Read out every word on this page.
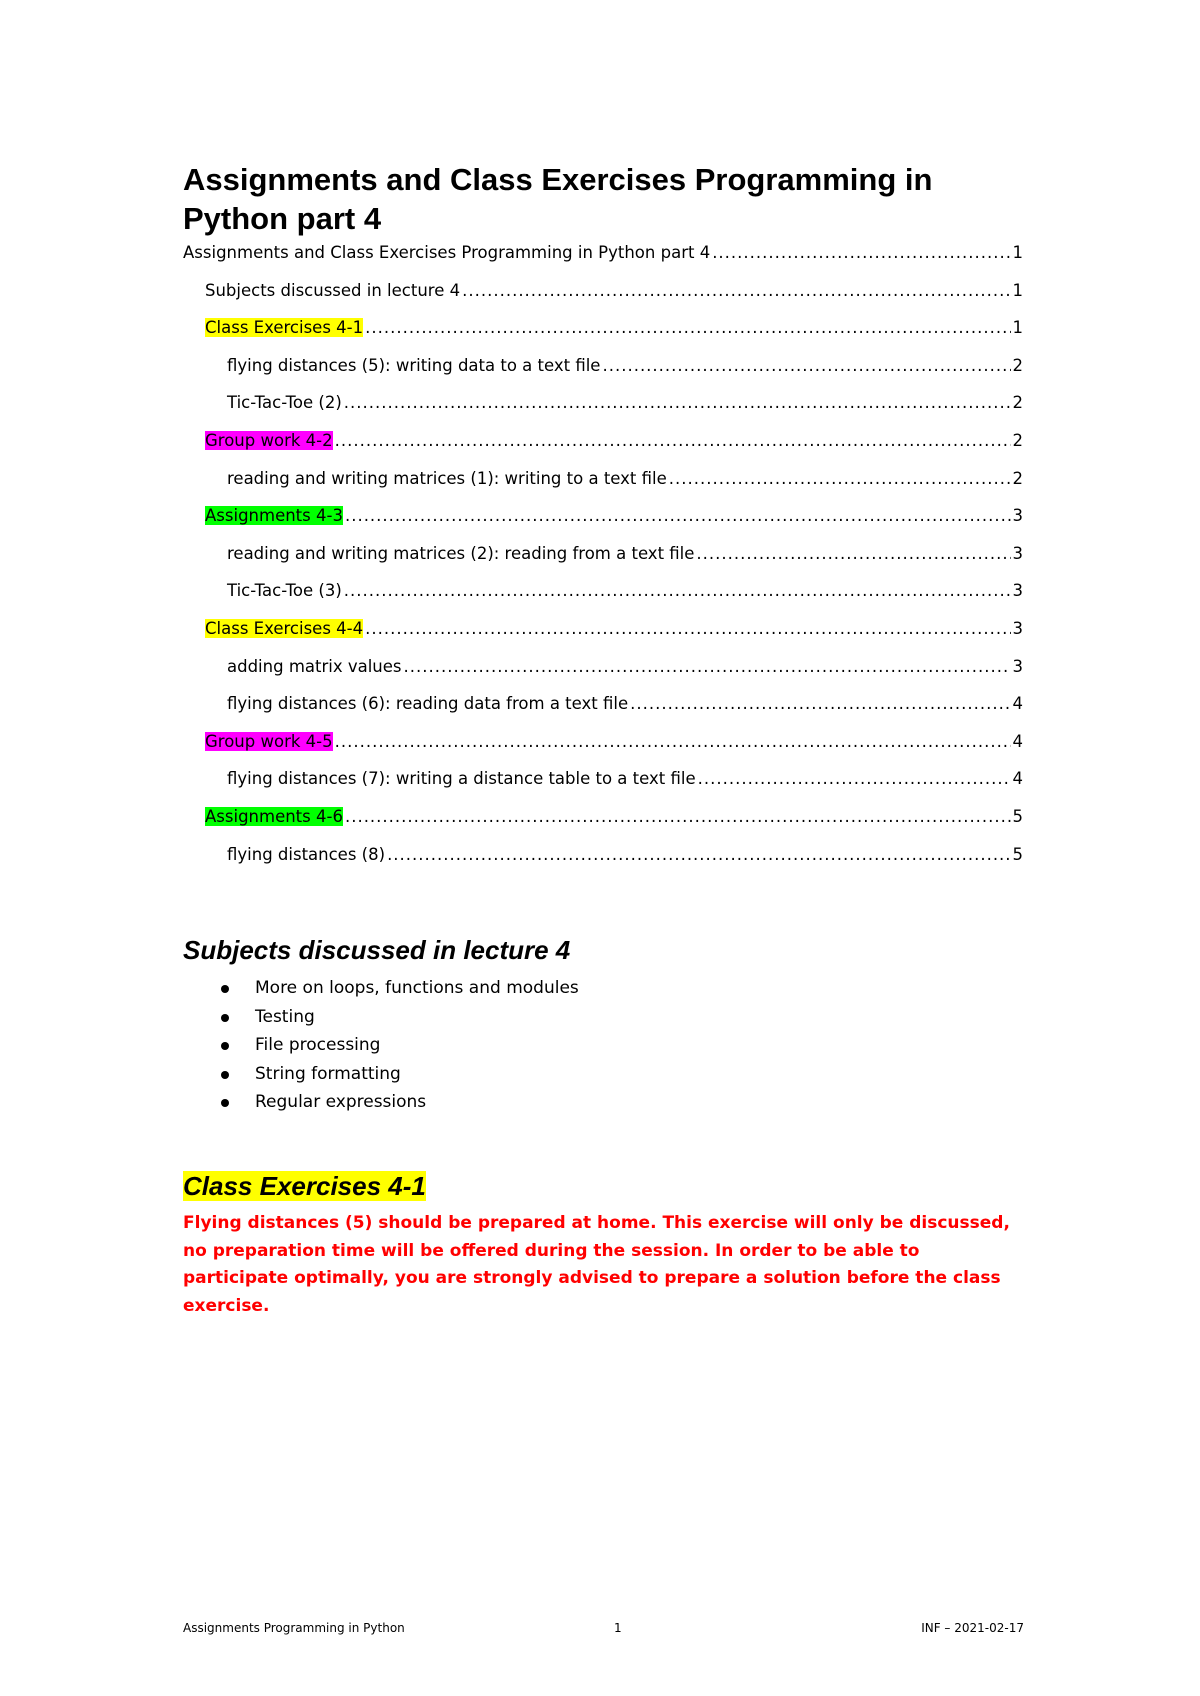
Assignments and Class Exercises Programming in Python part 4
Assignments and Class Exercises Programming in Python part 4 .....	1
Subjects discussed in lecture 4 .....	1
Class Exercises 4-1 .....	1
flying distances (5): writing data to a text file .....	2
Tic-Tac-Toe (2) .....	2
Group work 4-2 .....	2
reading and writing matrices (1): writing to a text file .....	2
Assignments 4-3 .....	3
reading and writing matrices (2): reading from a text file .....	3
Tic-Tac-Toe (3) .....	3
Class Exercises 4-4 .....	3
adding matrix values .....	3
flying distances (6): reading data from a text file .....	4
Group work 4-5 .....	4
flying distances (7): writing a distance table to a text file .....	4
Assignments 4-6 .....	5
flying distances (8) .....	5
Subjects discussed in lecture 4
More on loops, functions and modules
Testing
File processing
String formatting
Regular expressions
Class Exercises 4-1

Flying distances (5) should be prepared at home. This exercise will only be discussed, no preparation time will be offered during the session. In order to be able to participate optimally, you are strongly advised to prepare a solution before the class exercise.

Assignments Programming in Python	1	INF – 2021-02-17
